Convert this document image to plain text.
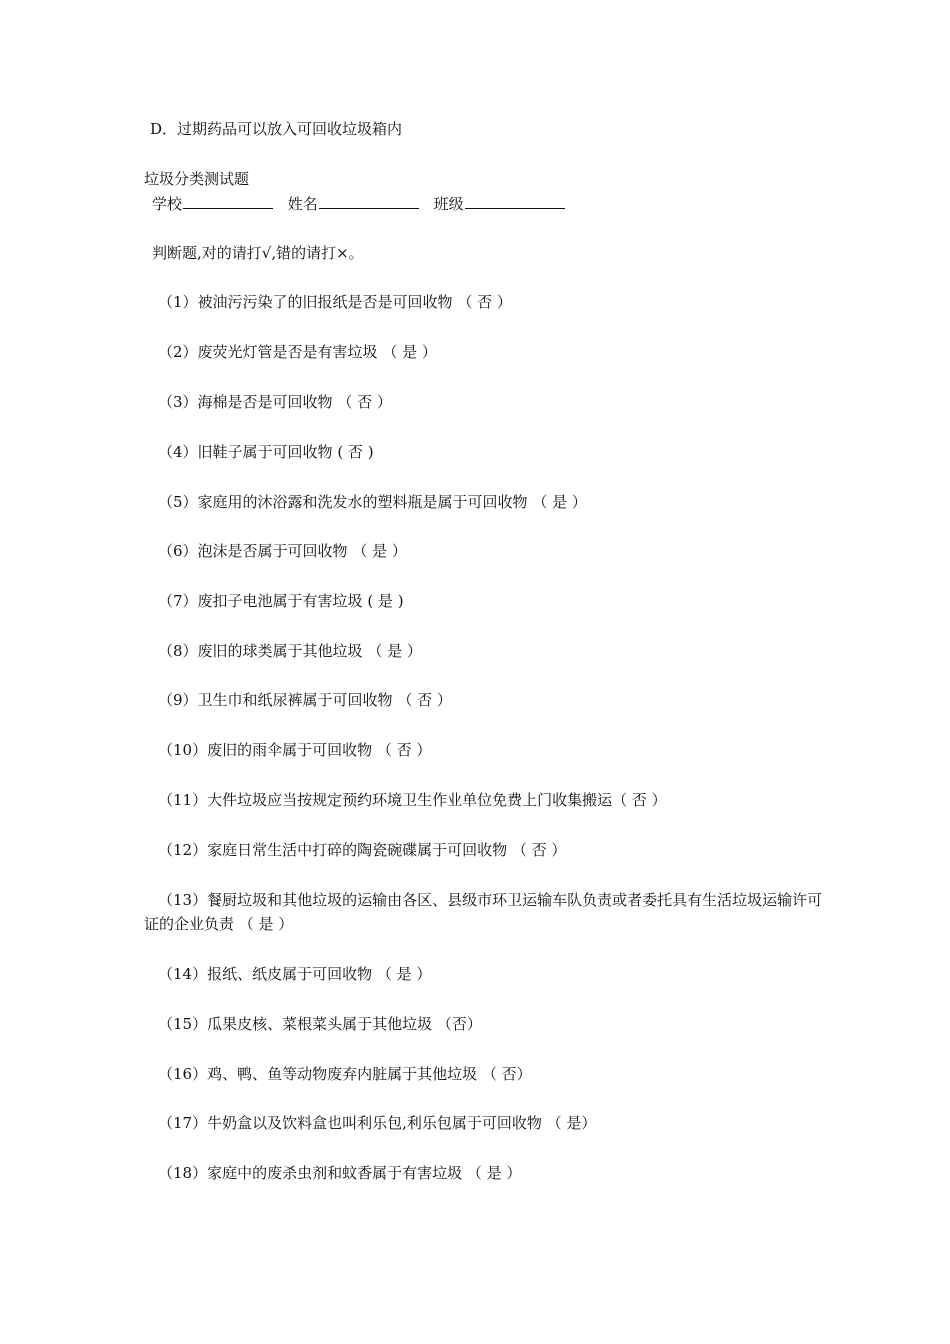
D．过期药品可以放入可回收垃圾箱内
垃圾分类测试题
学校	姓名	班级
判断题,对的请打√,错的请打×。
（1）被油污污染了的旧报纸是否是可回收物 （ 否 ）
（2）废荧光灯管是否是有害垃圾 （ 是 ）
（3）海棉是否是可回收物 （ 否 ）
（4）旧鞋子属于可回收物 ( 否 )
（5）家庭用的沐浴露和洗发水的塑料瓶是属于可回收物 （ 是 ）
（6）泡沫是否属于可回收物 （ 是 ）
（7）废扣子电池属于有害垃圾 ( 是 )
（8）废旧的球类属于其他垃圾 （ 是 ）
（9）卫生巾和纸尿裤属于可回收物 （ 否 ）
（10）废旧的雨伞属于可回收物 （ 否 ）
（11）大件垃圾应当按规定预约环境卫生作业单位免费上门收集搬运（ 否 ）
（12）家庭日常生活中打碎的陶瓷碗碟属于可回收物 （ 否 ）
（13）餐厨垃圾和其他垃圾的运输由各区、县级市环卫运输车队负责或者委托具有生活垃圾运输许可证的企业负责 （ 是 ）
（14）报纸、纸皮属于可回收物 （ 是 ）
（15）瓜果皮核、菜根菜头属于其他垃圾 （否）
（16）鸡、鸭、鱼等动物废弃内脏属于其他垃圾 （ 否）
（17）牛奶盒以及饮料盒也叫利乐包,利乐包属于可回收物 （ 是）
（18）家庭中的废杀虫剂和蚊香属于有害垃圾 （ 是 ）
